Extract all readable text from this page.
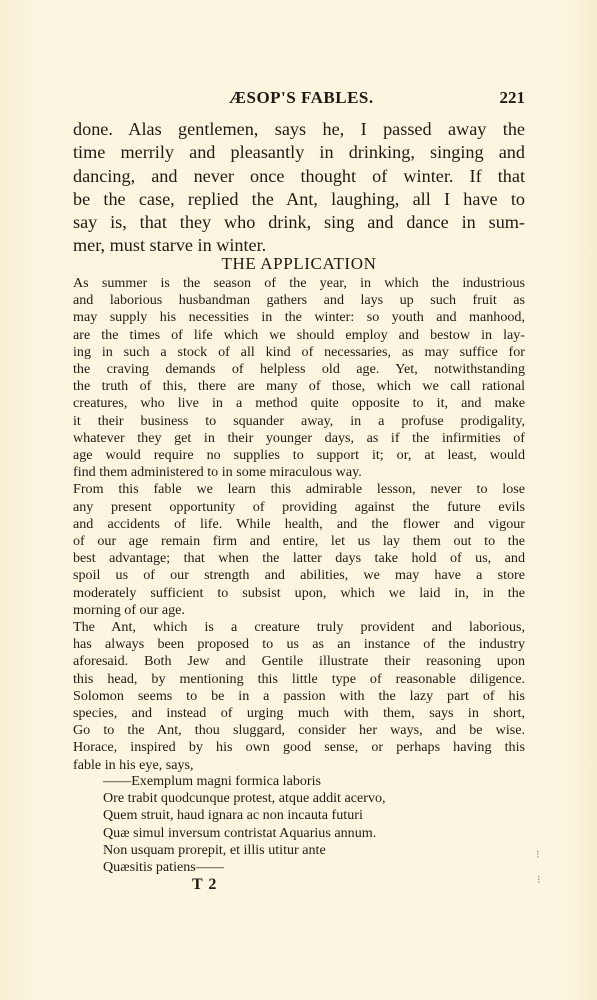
ÆSOP'S FABLES.	221
done. Alas gentlemen, says he, I passed away the
time merrily and pleasantly in drinking, singing and
dancing, and never once thought of winter. If that
be the case, replied the Ant, laughing, all I have to
say is, that they who drink, sing and dance in sum-
mer, must starve in winter.
THE APPLICATION
As summer is the season of the year, in which the industrious
and laborious husbandman gathers and lays up such fruit as
may supply his necessities in the winter: so youth and manhood,
are the times of life which we should employ and bestow in lay-
ing in such a stock of all kind of necessaries, as may suffice for
the craving demands of helpless old age. Yet, notwithstanding
the truth of this, there are many of those, which we call rational
creatures, who live in a method quite opposite to it, and make
it their business to squander away, in a profuse prodigality,
whatever they get in their younger days, as if the infirmities of
age would require no supplies to support it; or, at least, would
find them administered to in some miraculous way.
From this fable we learn this admirable lesson, never to lose
any present opportunity of providing against the future evils
and accidents of life. While health, and the flower and vigour
of our age remain firm and entire, let us lay them out to the
best advantage; that when the latter days take hold of us, and
spoil us of our strength and abilities, we may have a store
moderately sufficient to subsist upon, which we laid in, in the
morning of our age.
The Ant, which is a creature truly provident and laborious,
has always been proposed to us as an instance of the industry
aforesaid. Both Jew and Gentile illustrate their reasoning upon
this head, by mentioning this little type of reasonable diligence.
Solomon seems to be in a passion with the lazy part of his
species, and instead of urging much with them, says in short,
Go to the Ant, thou sluggard, consider her ways, and be wise.
Horace, inspired by his own good sense, or perhaps having this
fable in his eye, says,
——Exemplum magni formica laboris
Ore trabit quodcunque protest, atque addit acervo,
Quem struit, haud ignara ac non incauta futuri
Quæ simul inversum contristat Aquarius annum.
Non usquam prorepit, et illis utitur ante
Quæsitis patiens——
T 2
⁝
⁝
